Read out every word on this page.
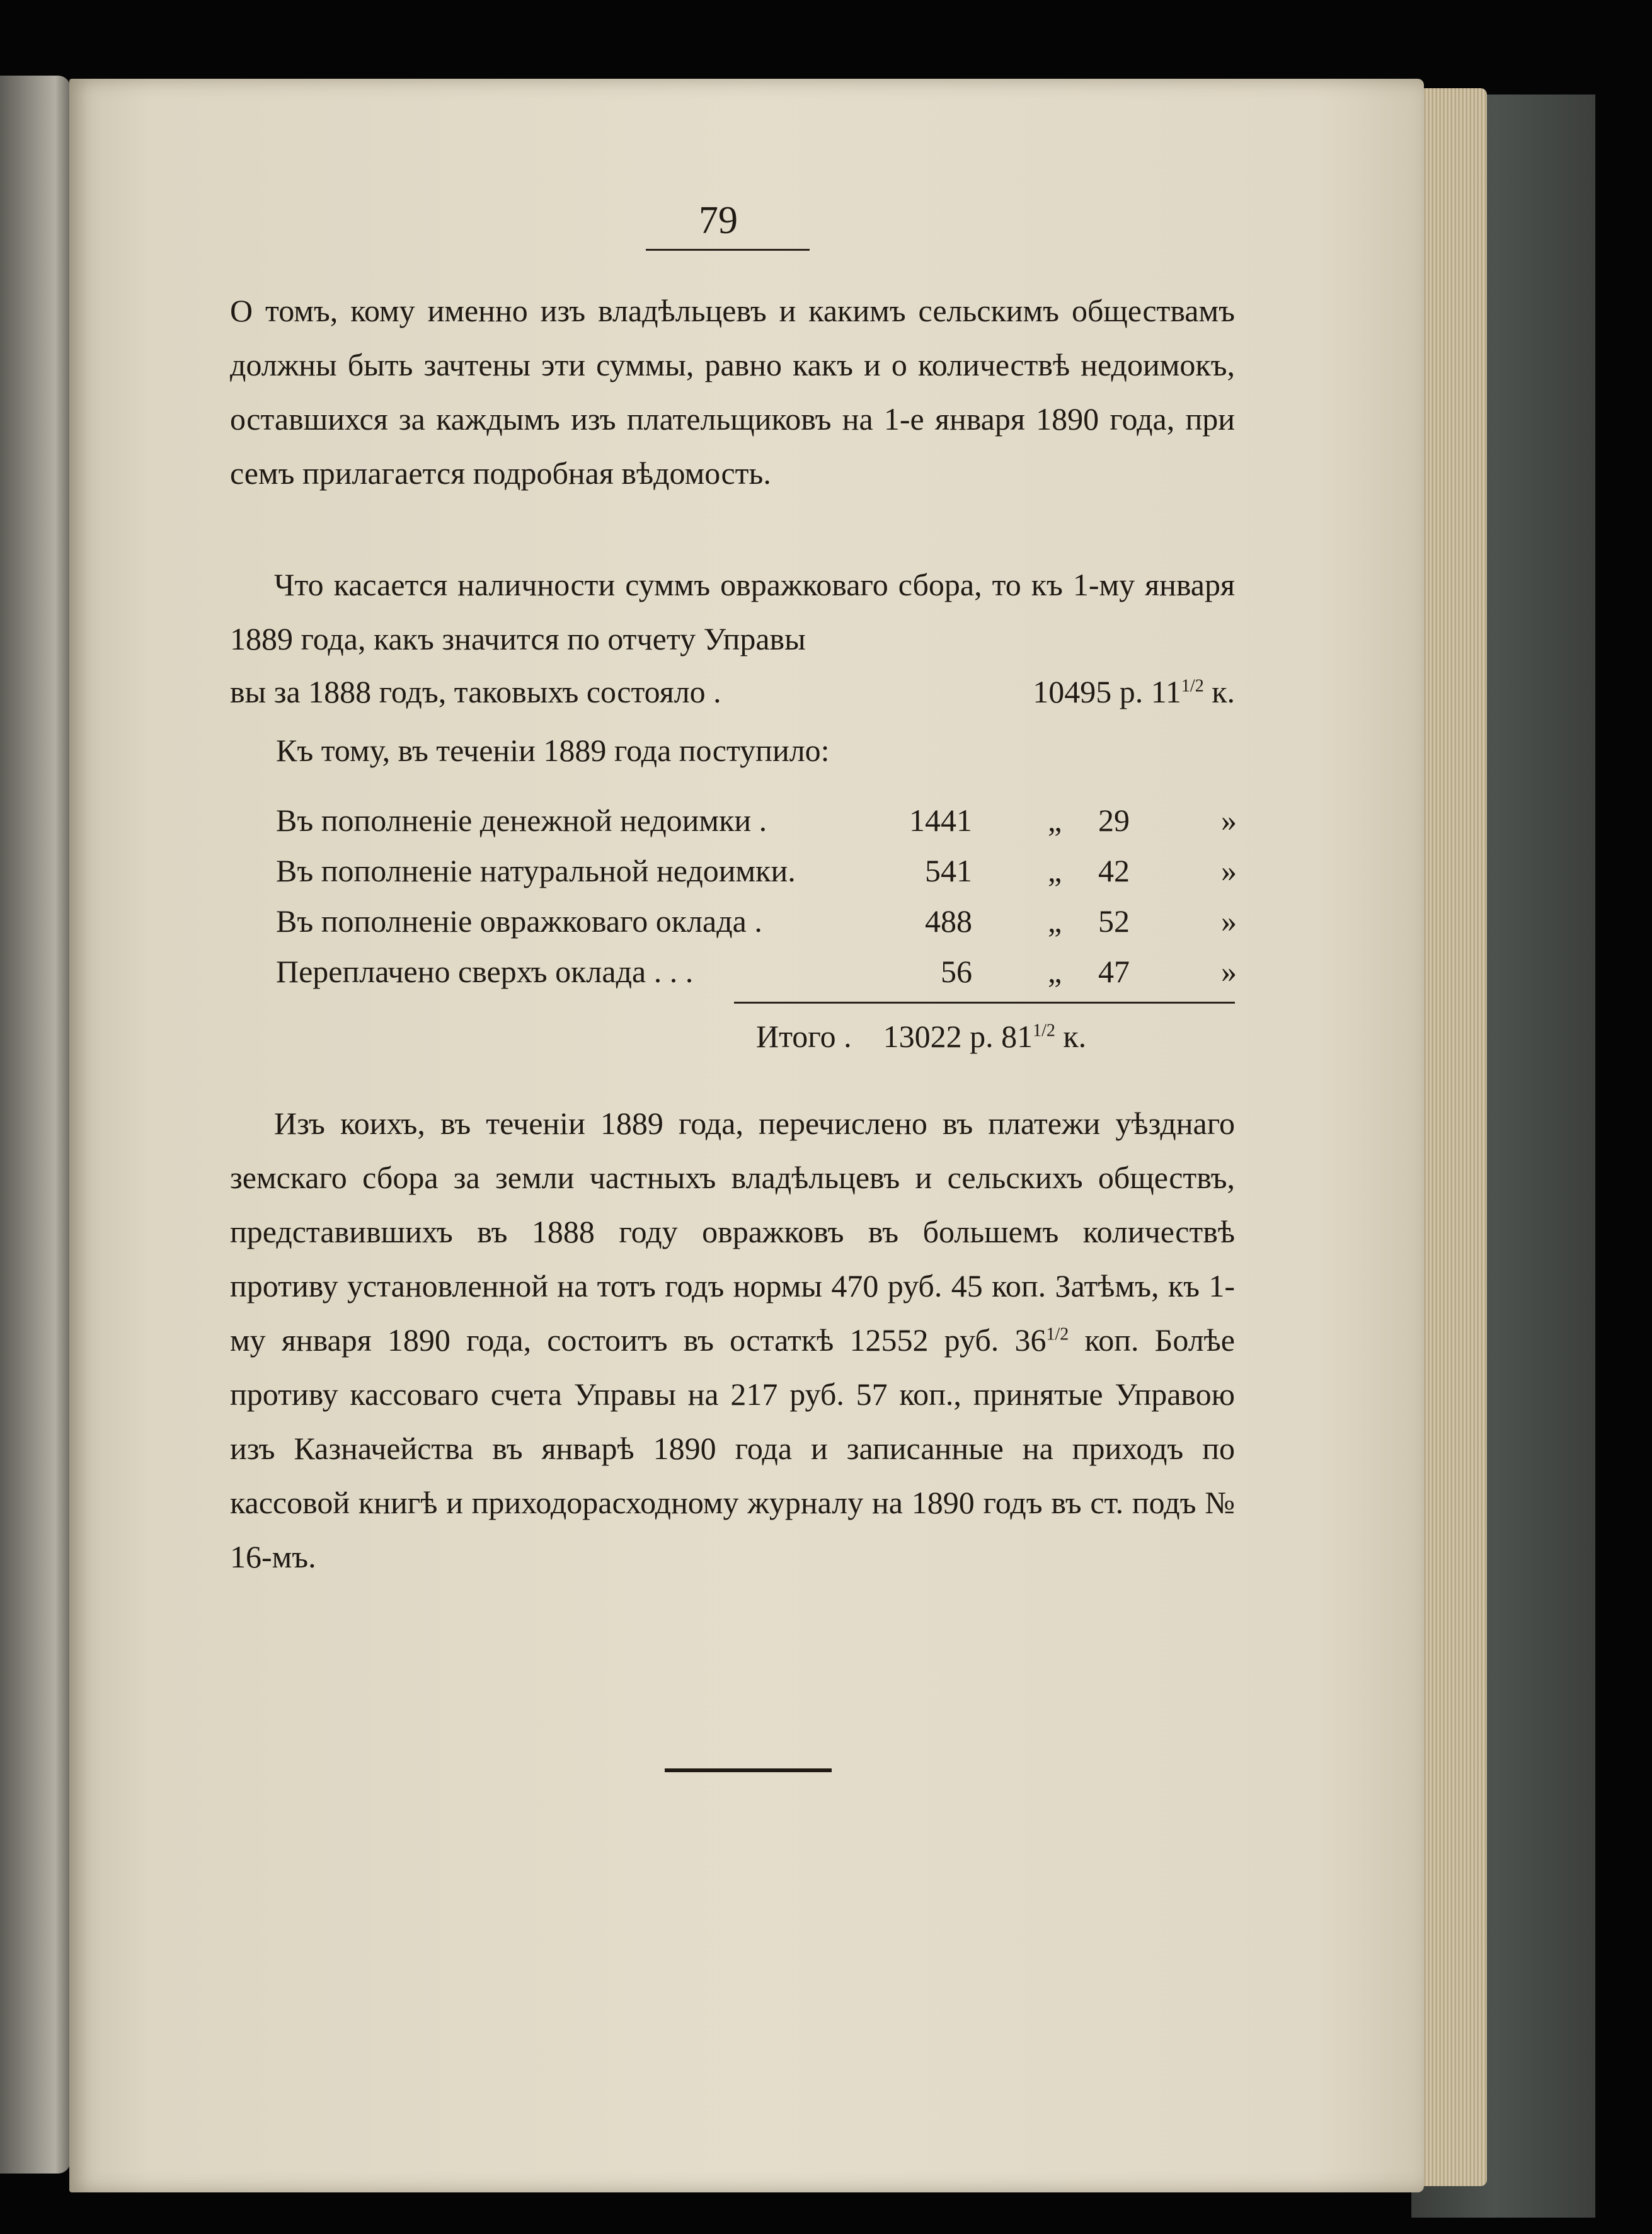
79
О томъ, кому именно изъ владѣльцевъ и какимъ сельскимъ обществамъ должны быть зачтены эти суммы, равно какъ и о количествѣ недоимокъ, оставшихся за каждымъ изъ плательщиковъ на 1-е января 1890 года, при семъ прилагается подробная вѣдомость.
Что касается наличности суммъ овражковаго сбора, то къ 1-му января 1889 года, какъ значится по отчету Управы
вы за 1888 годъ, таковыхъ состояло .	10495 р. $11^{1/2}$ к.
Къ тому, въ теченіи 1889 года поступило:
Въ пополненіе денежной недоимки .	1441 „ 29	»
Въ пополненіе натуральной недоимки.	541 „ 42	»
Въ пополненіе овражковаго оклада .	488 „ 52	»
Переплачено сверхъ оклада . . .	56 „ 47	»
Итого . 13022 р. $81^{1/2}$ к.
Изъ коихъ, въ теченіи 1889 года, перечислено въ платежи уѣзднаго земскаго сбора за земли частныхъ владѣльцевъ и сельскихъ обществъ, представившихъ въ 1888 году овражковъ въ большемъ количествѣ противу установленной на тотъ годъ нормы 470 руб. 45 коп. Затѣмъ, къ 1-му января 1890 года, состоитъ въ остаткѣ 12552 руб. $36^{1/2}$ коп. Болѣе противу кассоваго счета Управы на 217 руб. 57 коп., принятые Управою изъ Казначейства въ январѣ 1890 года и записанные на приходъ по кассовой книгѣ и приходорасходному журналу на 1890 годъ въ ст. подъ № 16-мъ.
